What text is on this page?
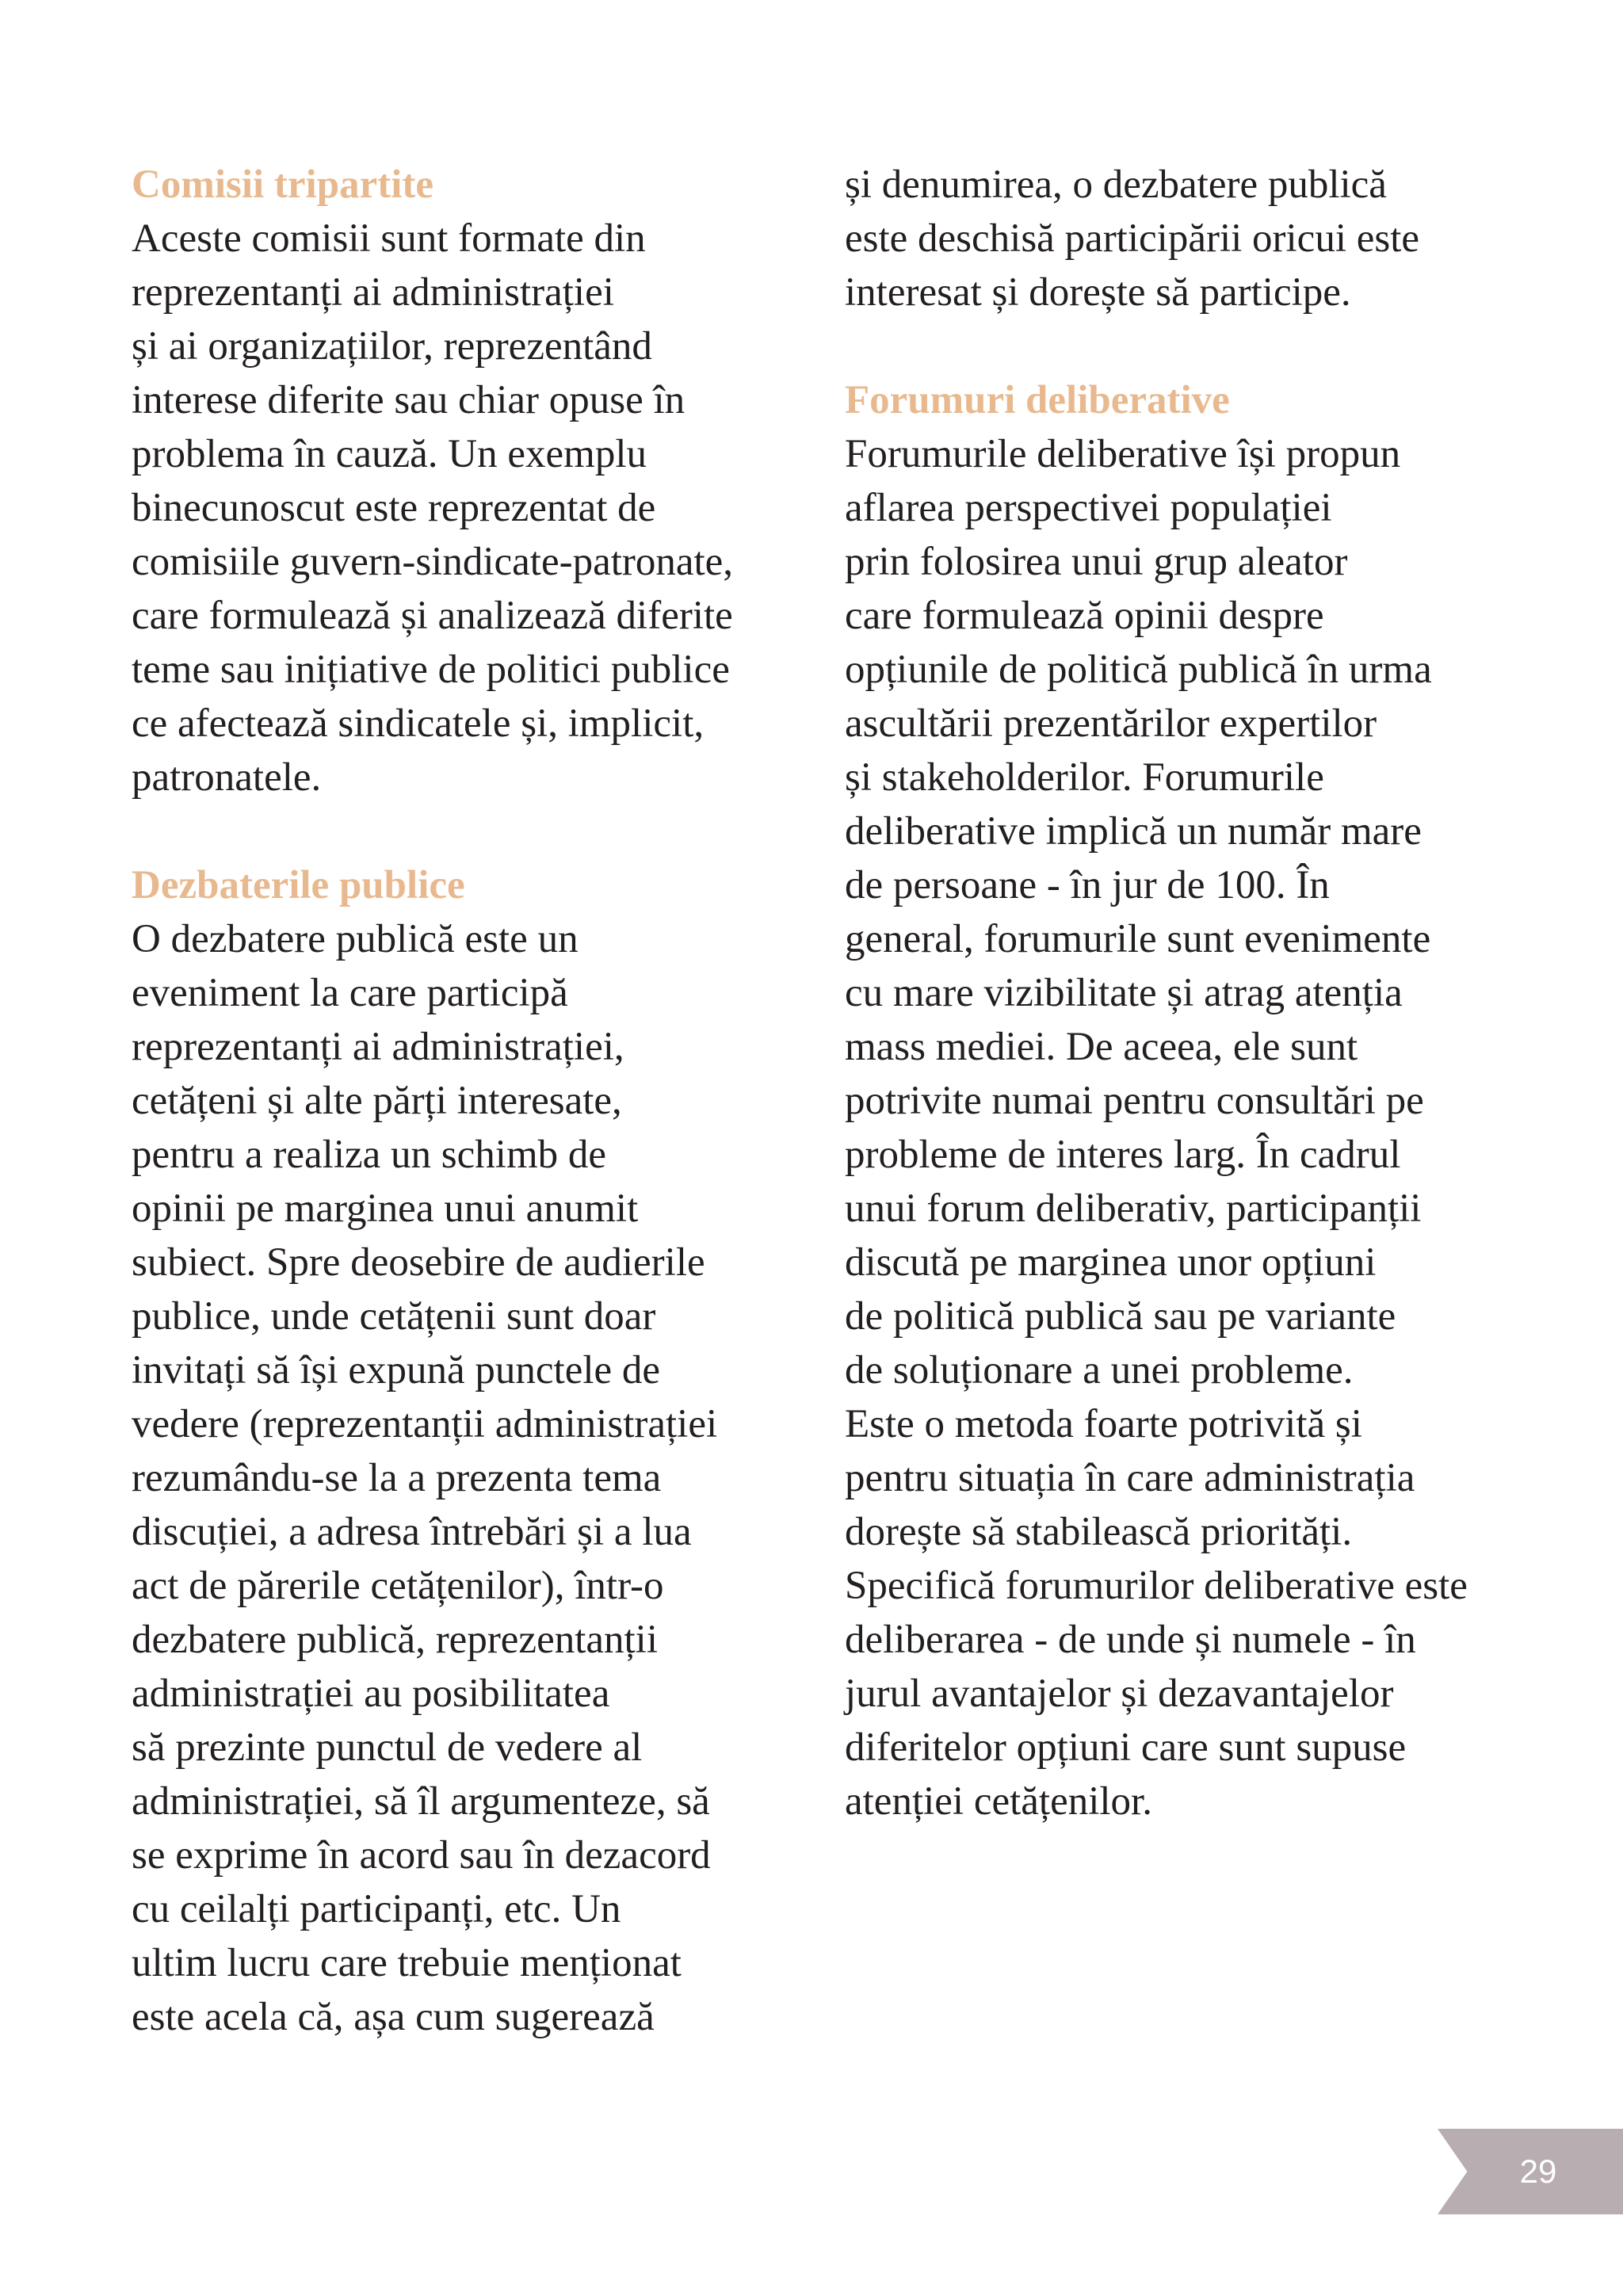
Comisii tripartite
Aceste comisii sunt formate din
reprezentanți ai administrației
și ai organizațiilor, reprezentând
interese diferite sau chiar opuse în
problema în cauză. Un exemplu
binecunoscut este reprezentat de
comisiile guvern-sindicate-patronate,
care formulează și analizează diferite
teme sau inițiative de politici publice
ce afectează sindicatele și, implicit,
patronatele.
Dezbaterile publice
O dezbatere publică este un
eveniment la care participă
reprezentanți ai administrației,
cetățeni și alte părți interesate,
pentru a realiza un schimb de
opinii pe marginea unui anumit
subiect. Spre deosebire de audierile
publice, unde cetățenii sunt doar
invitați să își expună punctele de
vedere (reprezentanții administrației
rezumându-se la a prezenta tema
discuției, a adresa întrebări și a lua
act de părerile cetățenilor), într-o
dezbatere publică, reprezentanții
administrației au posibilitatea
să prezinte punctul de vedere al
administrației, să îl argumenteze, să
se exprime în acord sau în dezacord
cu ceilalți participanți, etc. Un
ultim lucru care trebuie menționat
este acela că, așa cum sugerează
și denumirea, o dezbatere publică
este deschisă participării oricui este
interesat și dorește să participe.
Forumuri deliberative
Forumurile deliberative își propun
aflarea perspectivei populației
prin folosirea unui grup aleator
care formulează opinii despre
opțiunile de politică publică în urma
ascultării prezentărilor expertilor
și stakeholderilor. Forumurile
deliberative implică un număr mare
de persoane - în jur de 100. În
general, forumurile sunt evenimente
cu mare vizibilitate și atrag atenția
mass mediei. De aceea, ele sunt
potrivite numai pentru consultări pe
probleme de interes larg. În cadrul
unui forum deliberativ, participanții
discută pe marginea unor opțiuni
de politică publică sau pe variante
de soluționare a unei probleme.
Este o metoda foarte potrivită și
pentru situația în care administrația
dorește să stabilească priorități.
Specifică forumurilor deliberative este
deliberarea - de unde și numele - în
jurul avantajelor și dezavantajelor
diferitelor opțiuni care sunt supuse
atenției cetățenilor.
29
